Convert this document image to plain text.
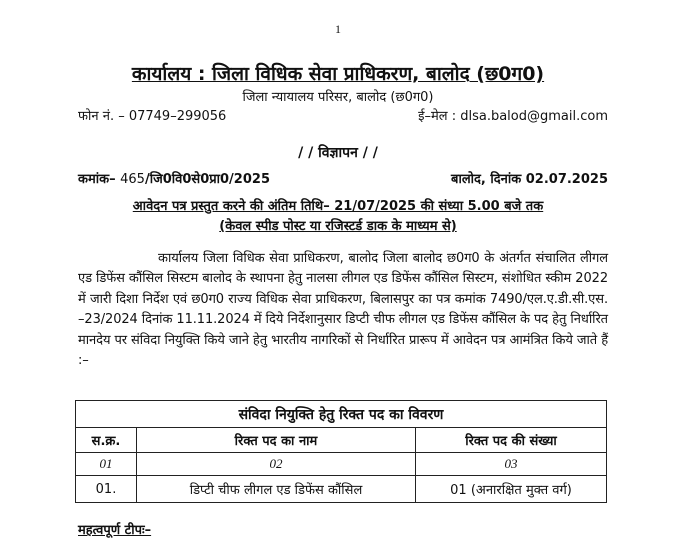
1
कार्यालय : जिला विधिक सेवा प्राधिकरण, बालोद (छ0ग0)
जिला न्यायालय परिसर, बालोद (छ0ग0)
फोन नं. – 07749–299056	ई–मेल : dlsa.balod@gmail.com
/ / विज्ञापन / /
कमांक– 465/जि0वि0से0प्रा0/2025	बालोद, दिनांक 02.07.2025
आवेदन पत्र प्रस्तुत करने की अंतिम तिथि– 21/07/2025 की संध्या 5.00 बजे तक
(केवल स्पीड पोस्ट या रजिस्टर्ड डाक के माध्यम से)
कार्यालय जिला विधिक सेवा प्राधिकरण, बालोद जिला बालोद छ0ग0 के अंतर्गत संचालित लीगल एड डिफेंस कौंसिल सिस्टम बालोद के स्थापना हेतु नालसा लीगल एड डिफेंस कौंसिल सिस्टम, संशोधित स्कीम 2022 में जारी दिशा निर्देश एवं छ0ग0 राज्य विधिक सेवा प्राधिकरण, बिलासपुर का पत्र कमांक 7490/एल.ए.डी.सी.एस. –23/2024 दिनांक 11.11.2024 में दिये निर्देशानुसार डिप्टी चीफ लीगल एड डिफेंस कौंसिल के पद हेतु निर्धारित मानदेय पर संविदा नियुक्ति किये जाने हेतु भारतीय नागरिकों से निर्धारित प्रारूप में आवेदन पत्र आमंत्रित किये जाते हैं :–
संविदा नियुक्ति हेतु रिक्त पद का विवरण		
स.क्र.	रिक्त पद का नाम	रिक्त पद की संख्या
01	02	03
01.	डिप्टी चीफ लीगल एड डिफेंस कौंसिल	01 (अनारक्षित मुक्त वर्ग)
महत्वपूर्ण टीपः–
